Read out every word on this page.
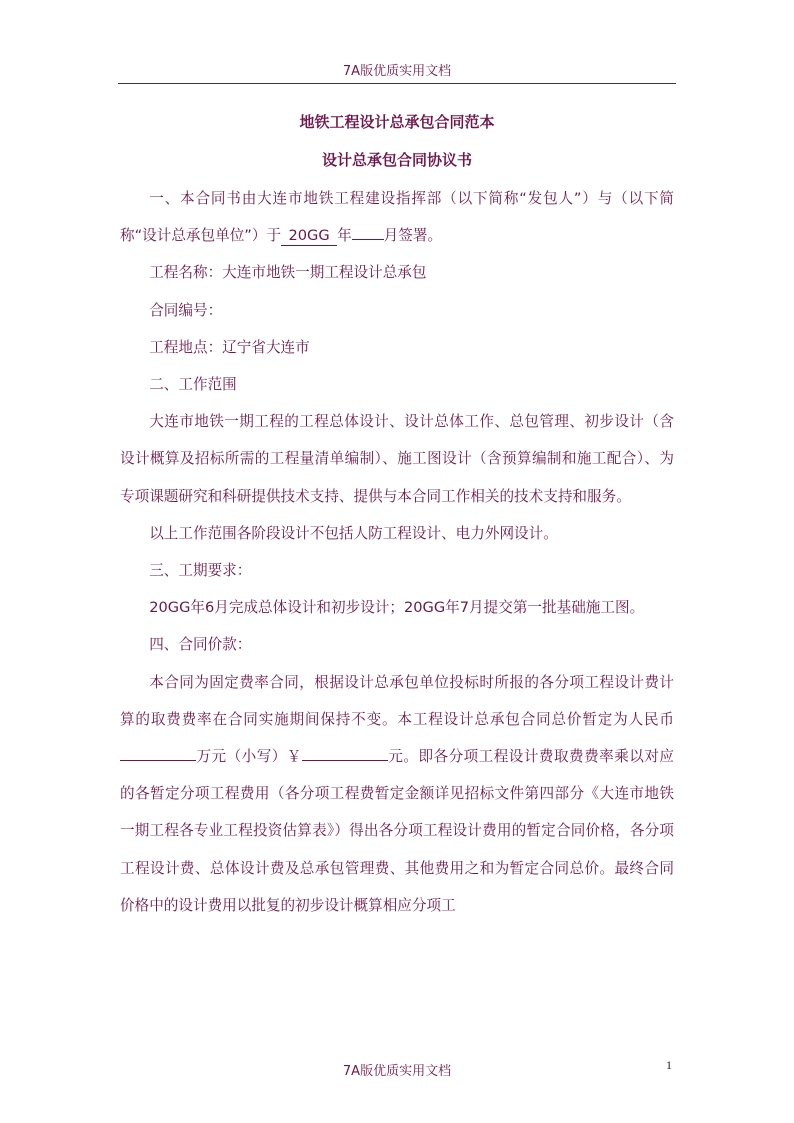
7A版优质实用文档
地铁工程设计总承包合同范本
设计总承包合同协议书

一、本合同书由大连市地铁工程建设指挥部（以下简称“发包人”）与（以下简称“设计总承包单位”）于 20GG 年 月签署。

工程名称：大连市地铁一期工程设计总承包

合同编号：

工程地点：辽宁省大连市

二、工作范围

大连市地铁一期工程的工程总体设计、设计总体工作、总包管理、初步设计（含设计概算及招标所需的工程量清单编制）、施工图设计（含预算编制和施工配合）、为专项课题研究和科研提供技术支持、提供与本合同工作相关的技术支持和服务。

以上工作范围各阶段设计不包括人防工程设计、电力外网设计。

三、工期要求：

20GG年6月完成总体设计和初步设计；20GG年7月提交第一批基础施工图。

四、合同价款：

本合同为固定费率合同，根据设计总承包单位投标时所报的各分项工程设计费计算的取费费率在合同实施期间保持不变。本工程设计总承包合同总价暂定为人民币万元（小写）￥	元。即各分项工程设计费取费费率乘以对应的各暂定分项工程费用（各分项工程费暂定金额详见招标文件第四部分《大连市地铁一期工程各专业工程投资估算表》）得出各分项工程设计费用的暂定合同价格，各分项工程设计费、总体设计费及总承包管理费、其他费用之和为暂定合同总价。最终合同价格中的设计费用以批复的初步设计概算相应分项工

7A版优质实用文档	1
